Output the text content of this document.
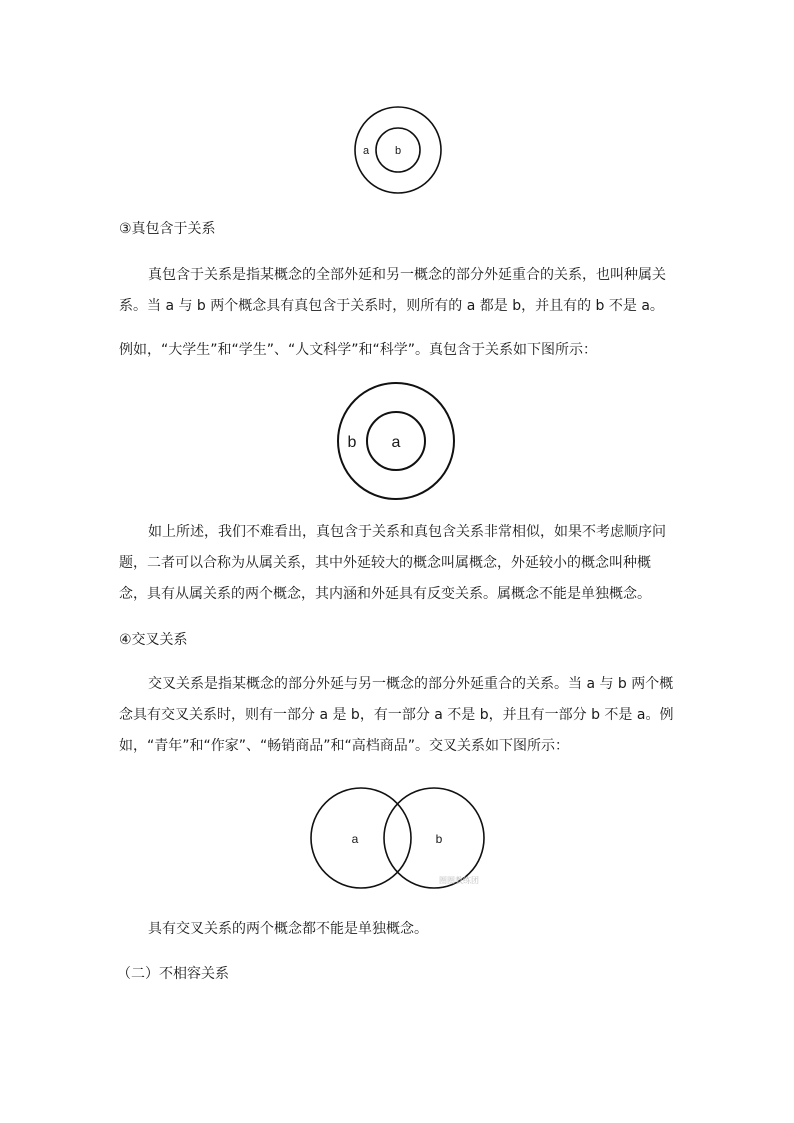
a b
b a
a	b
圈圈教练团
③真包含于关系
真包含于关系是指某概念的全部外延和另一概念的部分外延重合的关系，也叫种属关
系。当 a 与 b 两个概念具有真包含于关系时，则所有的 a 都是 b，并且有的 b 不是 a。
例如，“大学生”和“学生”、“人文科学”和“科学”。真包含于关系如下图所示：
如上所述，我们不难看出，真包含于关系和真包含关系非常相似，如果不考虑顺序问
题，二者可以合称为从属关系，其中外延较大的概念叫属概念，外延较小的概念叫种概
念，具有从属关系的两个概念，其内涵和外延具有反变关系。属概念不能是单独概念。
④交叉关系
交叉关系是指某概念的部分外延与另一概念的部分外延重合的关系。当 a 与 b 两个概
念具有交叉关系时，则有一部分 a 是 b，有一部分 a 不是 b，并且有一部分 b 不是 a。例
如，“青年”和“作家”、“畅销商品”和“高档商品”。交叉关系如下图所示：
具有交叉关系的两个概念都不能是单独概念。
（二）不相容关系
